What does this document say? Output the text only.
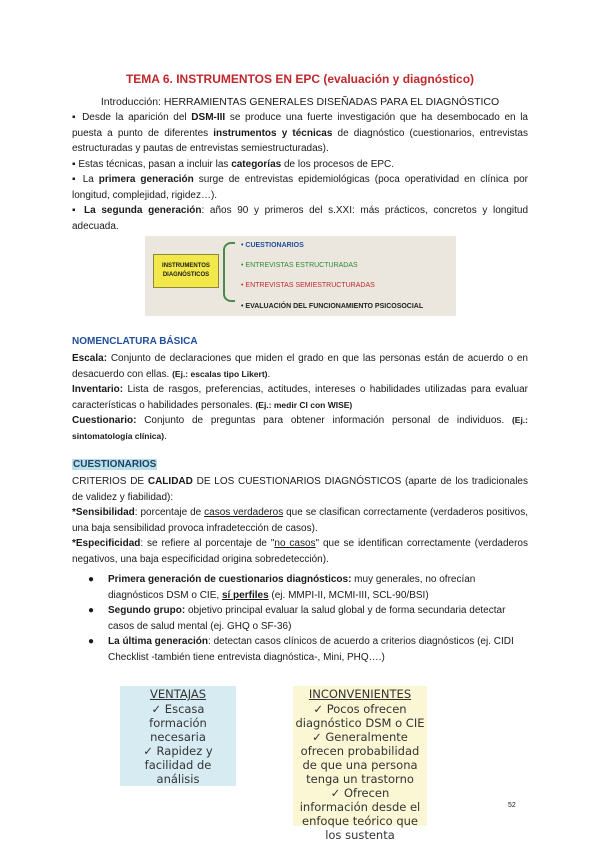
TEMA 6. INSTRUMENTOS EN EPC (evaluación y diagnóstico)
Introducción: HERRAMIENTAS GENERALES DISEÑADAS PARA EL DIAGNÓSTICO

▪ Desde la aparición del DSM-III se produce una fuerte investigación que ha desembocado en la puesta a punto de diferentes instrumentos y técnicas de diagnóstico (cuestionarios, entrevistas estructuradas y pautas de entrevistas semiestructuradas).

▪ Estas técnicas, pasan a incluir las categorías de los procesos de EPC.

▪ La primera generación surge de entrevistas epidemiológicas (poca operatividad en clínica por longitud, complejidad, rigidez…).

▪ La segunda generación: años 90 y primeros del s.XXI: más prácticos, concretos y longitud adecuada.

INSTRUMENTOS
DIAGNÓSTICOS
• CUESTIONARIOS
• ENTREVISTAS ESTRUCTURADAS
• ENTREVISTAS SEMIESTRUCTURADAS
• EVALUACIÓN DEL FUNCIONAMIENTO PSICOSOCIAL
NOMENCLATURA BÁSICA

Escala: Conjunto de declaraciones que miden el grado en que las personas están de acuerdo o en desacuerdo con ellas. (Ej.: escalas tipo Likert).

Inventario: Lista de rasgos, preferencias, actitudes, intereses o habilidades utilizadas para evaluar características o habilidades personales. (Ej.: medir CI con WISE)

Cuestionario: Conjunto de preguntas para obtener información personal de individuos. (Ej.: sintomatología clínica).

CUESTIONARIOS

CRITERIOS DE CALIDAD DE LOS CUESTIONARIOS DIAGNÓSTICOS (aparte de los tradicionales de validez y fiabilidad):

*Sensibilidad: porcentaje de casos verdaderos que se clasifican correctamente (verdaderos positivos, una baja sensibilidad provoca infradetección de casos).

*Especificidad: se refiere al porcentaje de "no casos" que se identifican correctamente (verdaderos negativos, una baja especificidad origina sobredetección).

● Primera generación de cuestionarios diagnósticos: muy generales, no ofrecían diagnósticos DSM o CIE, sí perfiles (ej. MMPI-II, MCMI-III, SCL-90/BSI)
● Segundo grupo: objetivo principal evaluar la salud global y de forma secundaria detectar casos de salud mental (ej. GHQ o SF-36)
● La última generación: detectan casos clínicos de acuerdo a criterios diagnósticos (ej. CIDI Checklist -también tiene entrevista diagnóstica-, Mini, PHQ….)
VENTAJAS
✓ Escasa formación necesaria
✓ Rapidez y facilidad de análisis
INCONVENIENTES
✓ Pocos ofrecen diagnóstico DSM o CIE
✓ Generalmente ofrecen probabilidad de que una persona tenga un trastorno
✓ Ofrecen información desde el enfoque teórico que los sustenta
52
